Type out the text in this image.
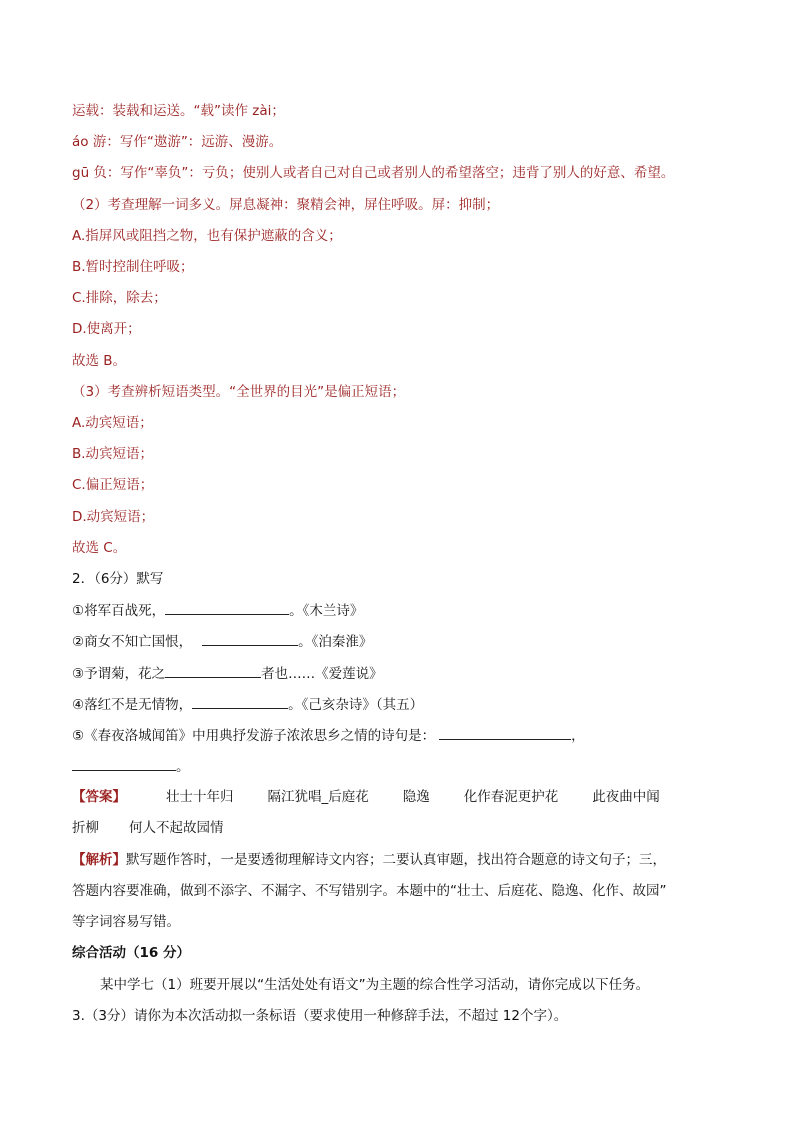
运载：装载和运送。“载”读作 zài；
áo 游：写作“遨游”：远游、漫游。
gū 负：写作“辜负”：亏负；使别人或者自己对自己或者别人的希望落空；违背了别人的好意、希望。
（2）考查理解一词多义。屏息凝神：聚精会神，屏住呼吸。屏：抑制；
A.指屏风或阻挡之物，也有保护遮蔽的含义；
B.暂时控制住呼吸；
C.排除，除去；
D.使离开；
故选 B。
（3）考查辨析短语类型。“全世界的目光”是偏正短语；
A.动宾短语；
B.动宾短语；
C.偏正短语；
D.动宾短语；
故选 C。
2．（6分）默写
①将军百战死，	。《木兰诗》
②商女不知亡国恨，	。《泊秦淮》
③予谓菊，花之	者也……《爱莲说》
④落红不是无情物，	。《己亥杂诗》（其五）
⑤《春夜洛城闻笛》中用典抒发游子浓浓思乡之情的诗句是：	，
。
【答案】	壮士十年归	隔江犹唱_后庭花	隐逸	化作春泥更护花	此夜曲中闻
折柳 何人不起故园情
【解析】默写题作答时，一是要透彻理解诗文内容；二要认真审题，找出符合题意的诗文句子；三，
答题内容要准确，做到不添字、不漏字、不写错别字。本题中的“壮士、后庭花、隐逸、化作、故园”
等字词容易写错。
综合活动（16 分）
某中学七（1）班要开展以“生活处处有语文”为主题的综合性学习活动，请你完成以下任务。
3.（3分）请你为本次活动拟一条标语（要求使用一种修辞手法，不超过 12个字）。
